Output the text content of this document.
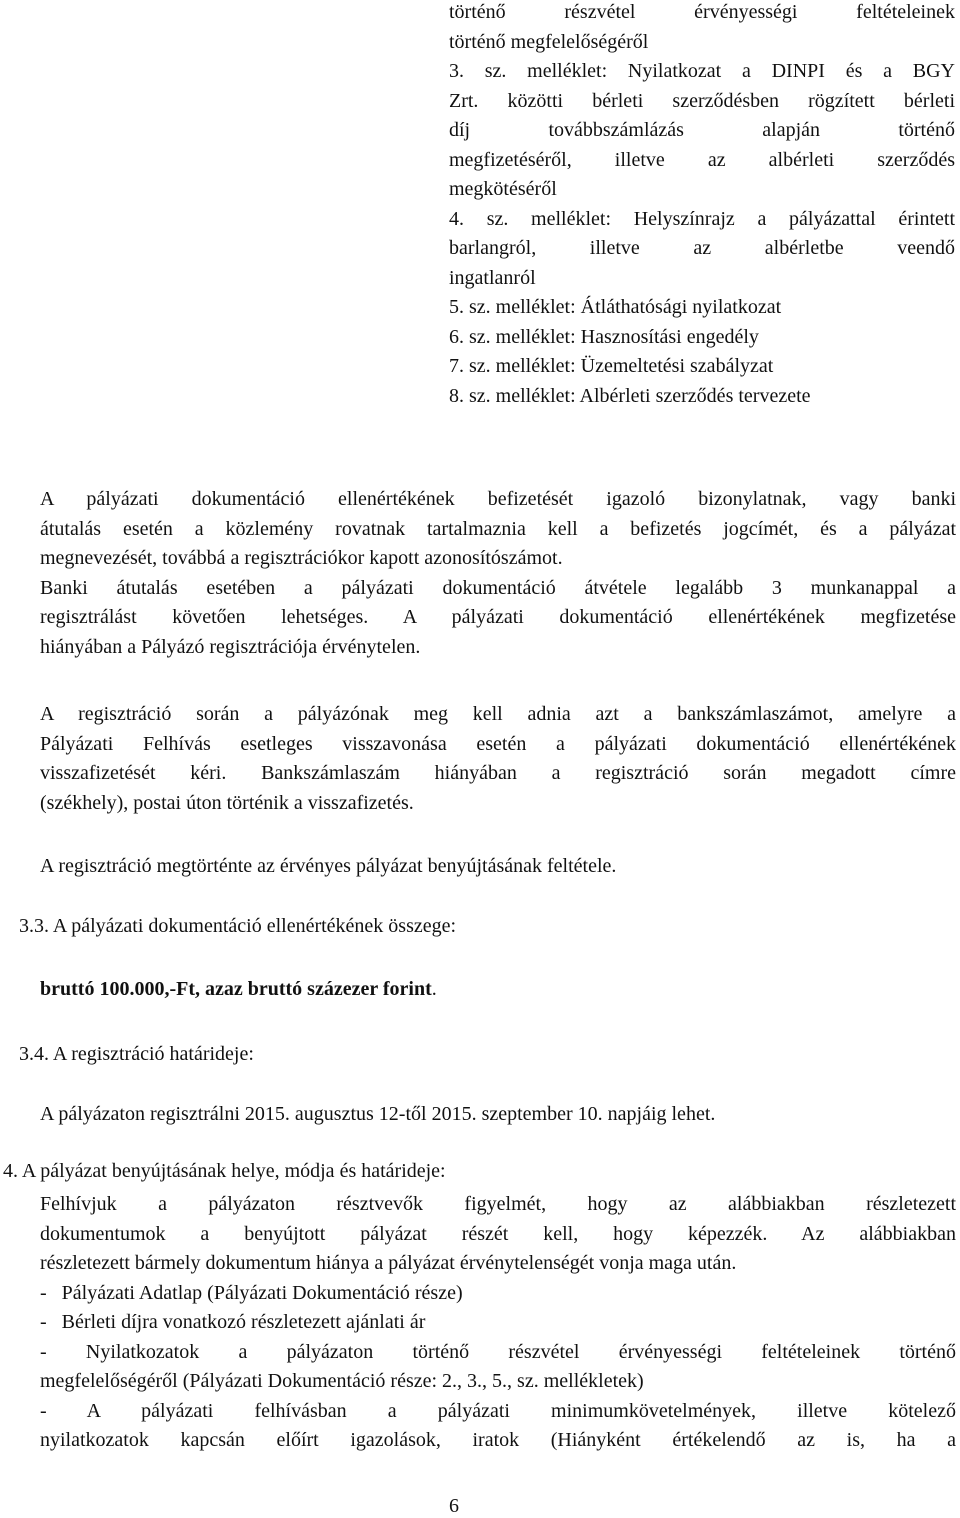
történő részvétel érvényességi feltételeinek
történő megfelelőségéről
3. sz. melléklet: Nyilatkozat a DINPI és a BGY
Zrt. közötti bérleti szerződésben rögzített bérleti
díj továbbszámlázás alapján történő
megfizetéséről, illetve az albérleti szerződés
megkötéséről
4. sz. melléklet: Helyszínrajz a pályázattal érintett
barlangról, illetve az albérletbe veendő
ingatlanról
5. sz. melléklet: Átláthatósági nyilatkozat
6. sz. melléklet: Hasznosítási engedély
7. sz. melléklet: Üzemeltetési szabályzat
8. sz. melléklet: Albérleti szerződés tervezete
A pályázati dokumentáció ellenértékének befizetését igazoló bizonylatnak, vagy banki
átutalás esetén a közlemény rovatnak tartalmaznia kell a befizetés jogcímét, és a pályázat
megnevezését, továbbá a regisztrációkor kapott azonosítószámot.
Banki átutalás esetében a pályázati dokumentáció átvétele legalább 3 munkanappal a
regisztrálást követően lehetséges. A pályázati dokumentáció ellenértékének megfizetése
hiányában a Pályázó regisztrációja érvénytelen.
A regisztráció során a pályázónak meg kell adnia azt a bankszámlaszámot, amelyre a
Pályázati Felhívás esetleges visszavonása esetén a pályázati dokumentáció ellenértékének
visszafizetését kéri. Bankszámlaszám hiányában a regisztráció során megadott címre
(székhely), postai úton történik a visszafizetés.
A regisztráció megtörténte az érvényes pályázat benyújtásának feltétele.
3.3. A pályázati dokumentáció ellenértékének összege:
bruttó 100.000,-Ft, azaz bruttó százezer forint.
3.4. A regisztráció határideje:
A pályázaton regisztrálni 2015. augusztus 12-től 2015. szeptember 10. napjáig lehet.
4. A pályázat benyújtásának helye, módja és határideje:
Felhívjuk a pályázaton résztvevők figyelmét, hogy az alábbiakban részletezett
dokumentumok a benyújtott pályázat részét kell, hogy képezzék. Az alábbiakban
részletezett bármely dokumentum hiánya a pályázat érvénytelenségét vonja maga után.
-   Pályázati Adatlap (Pályázati Dokumentáció része)
-   Bérleti díjra vonatkozó részletezett ajánlati ár
- Nyilatkozatok a pályázaton történő részvétel érvényességi feltételeinek történő
megfelelőségéről (Pályázati Dokumentáció része: 2., 3., 5., sz. mellékletek)
- A pályázati felhívásban a pályázati minimumkövetelmények, illetve kötelező
nyilatkozatok kapcsán előírt igazolások, iratok (Hiányként értékelendő az is, ha a
6
